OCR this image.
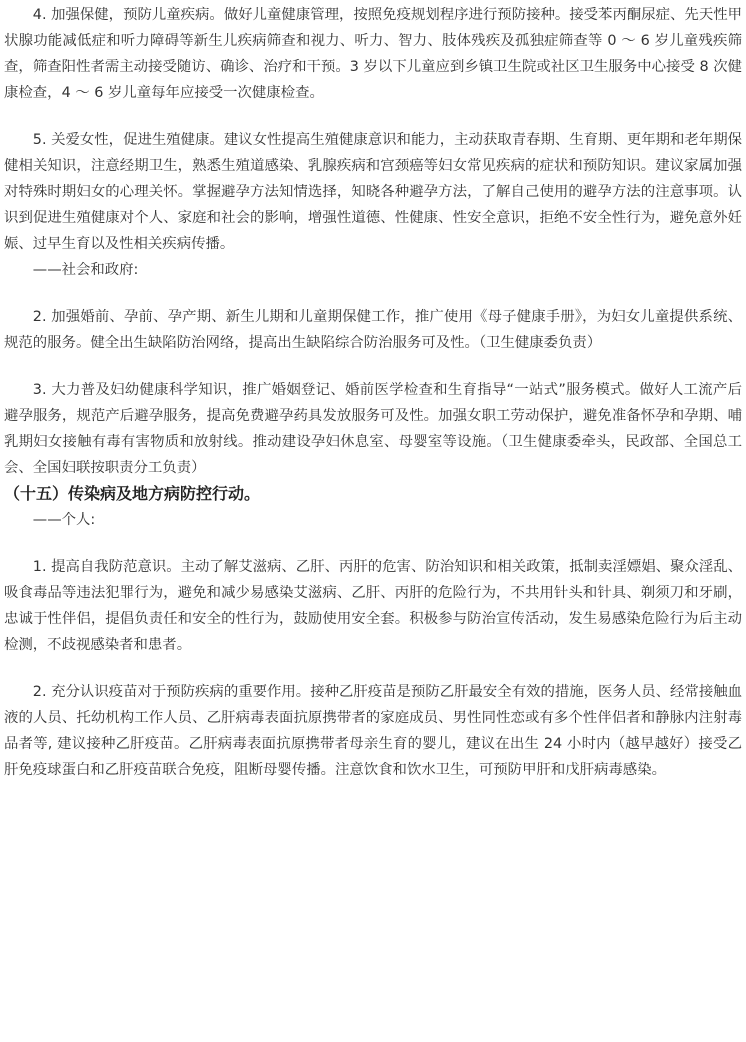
4. 加强保健，预防儿童疾病。做好儿童健康管理，按照免疫规划程序进行预防接种。接受苯丙酮尿症、先天性甲状腺功能减低症和听力障碍等新生儿疾病筛查和视力、听力、智力、肢体残疾及孤独症筛查等 0 ～ 6 岁儿童残疾筛查，筛查阳性者需主动接受随访、确诊、治疗和干预。3 岁以下儿童应到乡镇卫生院或社区卫生服务中心接受 8 次健康检查，4 ～ 6 岁儿童每年应接受一次健康检查。

5. 关爱女性，促进生殖健康。建议女性提高生殖健康意识和能力，主动获取青春期、生育期、更年期和老年期保健相关知识，注意经期卫生，熟悉生殖道感染、乳腺疾病和宫颈癌等妇女常见疾病的症状和预防知识。建议家属加强对特殊时期妇女的心理关怀。掌握避孕方法知情选择，知晓各种避孕方法，了解自己使用的避孕方法的注意事项。认识到促进生殖健康对个人、家庭和社会的影响，增强性道德、性健康、性安全意识，拒绝不安全性行为，避免意外妊娠、过早生育以及性相关疾病传播。

——社会和政府:

2. 加强婚前、孕前、孕产期、新生儿期和儿童期保健工作，推广使用《母子健康手册》，为妇女儿童提供系统、规范的服务。健全出生缺陷防治网络，提高出生缺陷综合防治服务可及性。（卫生健康委负责）

3. 大力普及妇幼健康科学知识，推广婚姻登记、婚前医学检查和生育指导“一站式”服务模式。做好人工流产后避孕服务，规范产后避孕服务，提高免费避孕药具发放服务可及性。加强女职工劳动保护，避免准备怀孕和孕期、哺乳期妇女接触有毒有害物质和放射线。推动建设孕妇休息室、母婴室等设施。（卫生健康委牵头，民政部、全国总工会、全国妇联按职责分工负责）

（十五）传染病及地方病防控行动。

——个人:

1. 提高自我防范意识。主动了解艾滋病、乙肝、丙肝的危害、防治知识和相关政策，抵制卖淫嫖娼、聚众淫乱、吸食毒品等违法犯罪行为，避免和减少易感染艾滋病、乙肝、丙肝的危险行为，不共用针头和针具、剃须刀和牙刷，忠诚于性伴侣，提倡负责任和安全的性行为，鼓励使用安全套。积极参与防治宣传活动，发生易感染危险行为后主动检测，不歧视感染者和患者。

2. 充分认识疫苗对于预防疾病的重要作用。接种乙肝疫苗是预防乙肝最安全有效的措施，医务人员、经常接触血液的人员、托幼机构工作人员、乙肝病毒表面抗原携带者的家庭成员、男性同性恋或有多个性伴侣者和静脉内注射毒品者等, 建议接种乙肝疫苗。乙肝病毒表面抗原携带者母亲生育的婴儿，建议在出生 24 小时内（越早越好）接受乙肝免疫球蛋白和乙肝疫苗联合免疫，阻断母婴传播。注意饮食和饮水卫生，可预防甲肝和戊肝病毒感染。
